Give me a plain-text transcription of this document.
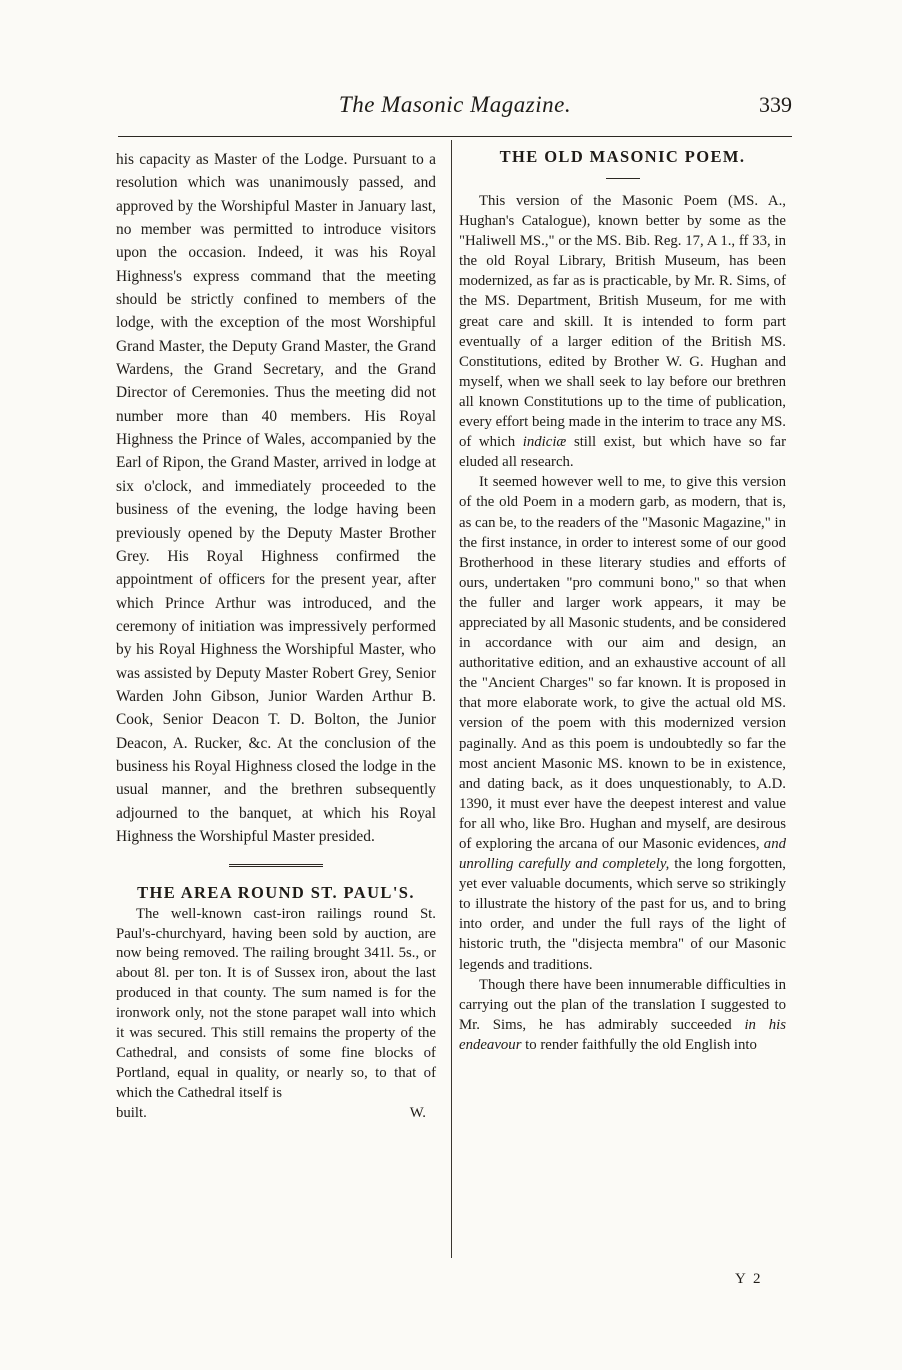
The Masonic Magazine.	339

his capacity as Master of the Lodge. Pursuant to a resolution which was unanimously passed, and approved by the Worshipful Master in January last, no member was permitted to introduce visitors upon the occasion. Indeed, it was his Royal Highness's express command that the meeting should be strictly confined to members of the lodge, with the exception of the most Worshipful Grand Master, the Deputy Grand Master, the Grand Wardens, the Grand Secretary, and the Grand Director of Ceremonies. Thus the meeting did not number more than 40 members. His Royal Highness the Prince of Wales, accompanied by the Earl of Ripon, the Grand Master, arrived in lodge at six o'clock, and immediately proceeded to the business of the evening, the lodge having been previously opened by the Deputy Master Brother Grey. His Royal Highness confirmed the appointment of officers for the present year, after which Prince Arthur was introduced, and the ceremony of initiation was impressively performed by his Royal Highness the Worshipful Master, who was assisted by Deputy Master Robert Grey, Senior Warden John Gibson, Junior Warden Arthur B. Cook, Senior Deacon T. D. Bolton, the Junior Deacon, A. Rucker, &c. At the conclusion of the business his Royal Highness closed the lodge in the usual manner, and the brethren subsequently adjourned to the banquet, at which his Royal Highness the Worshipful Master presided.

THE AREA ROUND ST. PAUL'S.

The well-known cast-iron railings round St. Paul's-churchyard, having been sold by auction, are now being removed. The railing brought 341l. 5s., or about 8l. per ton. It is of Sussex iron, about the last produced in that county. The sum named is for the ironwork only, not the stone parapet wall into which it was secured. This still remains the property of the Cathedral, and consists of some fine blocks of Portland, equal in quality, or nearly so, to that of which the Cathedral itself is

built.	W.

THE OLD MASONIC POEM.

This version of the Masonic Poem (MS. A., Hughan's Catalogue), known better by some as the "Haliwell MS.," or the MS. Bib. Reg. 17, A 1., ff 33, in the old Royal Library, British Museum, has been modernized, as far as is practicable, by Mr. R. Sims, of the MS. Department, British Museum, for me with great care and skill. It is intended to form part eventually of a larger edition of the British MS. Constitutions, edited by Brother W. G. Hughan and myself, when we shall seek to lay before our brethren all known Constitutions up to the time of publication, every effort being made in the interim to trace any MS. of which indiciæ still exist, but which have so far eluded all research.

It seemed however well to me, to give this version of the old Poem in a modern garb, as modern, that is, as can be, to the readers of the "Masonic Magazine," in the first instance, in order to interest some of our good Brotherhood in these literary studies and efforts of ours, undertaken "pro communi bono," so that when the fuller and larger work appears, it may be appreciated by all Masonic students, and be considered in accordance with our aim and design, an authoritative edition, and an exhaustive account of all the "Ancient Charges" so far known. It is proposed in that more elaborate work, to give the actual old MS. version of the poem with this modernized version paginally. And as this poem is undoubtedly so far the most ancient Masonic MS. known to be in existence, and dating back, as it does unquestionably, to A.D. 1390, it must ever have the deepest interest and value for all who, like Bro. Hughan and myself, are desirous of exploring the arcana of our Masonic evidences, and unrolling carefully and completely, the long forgotten, yet ever valuable documents, which serve so strikingly to illustrate the history of the past for us, and to bring into order, and under the full rays of the light of historic truth, the "disjecta membra" of our Masonic legends and traditions.

Though there have been innumerable difficulties in carrying out the plan of the translation I suggested to Mr. Sims, he has admirably succeeded in his endeavour to render faithfully the old English into

Y 2
